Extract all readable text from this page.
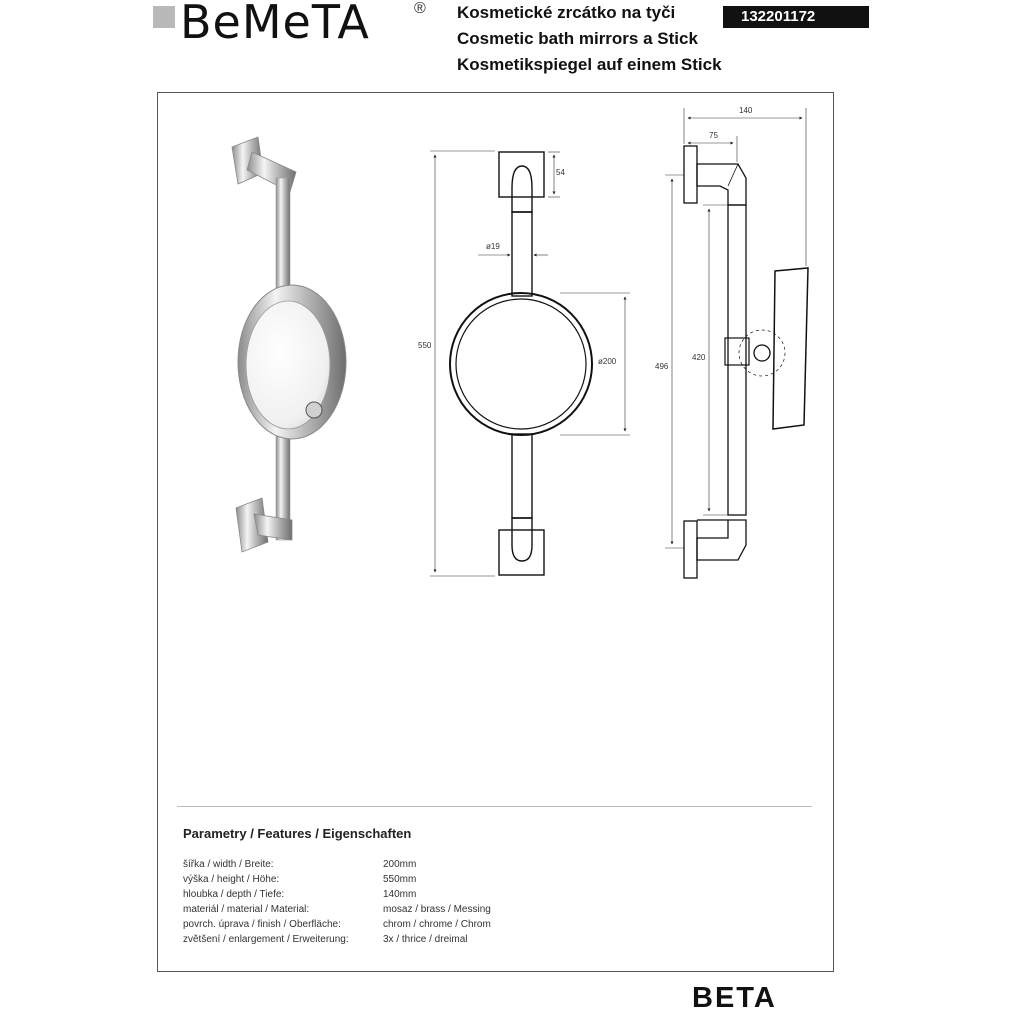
BeMeTA	® Kosmetické zrcátko na tyči
Cosmetic bath mirrors a Stick
Kosmetikspiegel auf einem Stick
132201172
550
54
ø19
ø200
140
75
496
420
Parametry / Features / Eigenschaften
šířka / width / Breite:	200mm
výška / height / Höhe:	550mm
hloubka / depth / Tiefe:	140mm
materiál / material / Material:	mosaz / brass / Messing
povrch. úprava / finish / Oberfläche:	chrom / chrome / Chrom
zvětšení / enlargement / Erweiterung:	3x / thrice / dreimal
BETA
